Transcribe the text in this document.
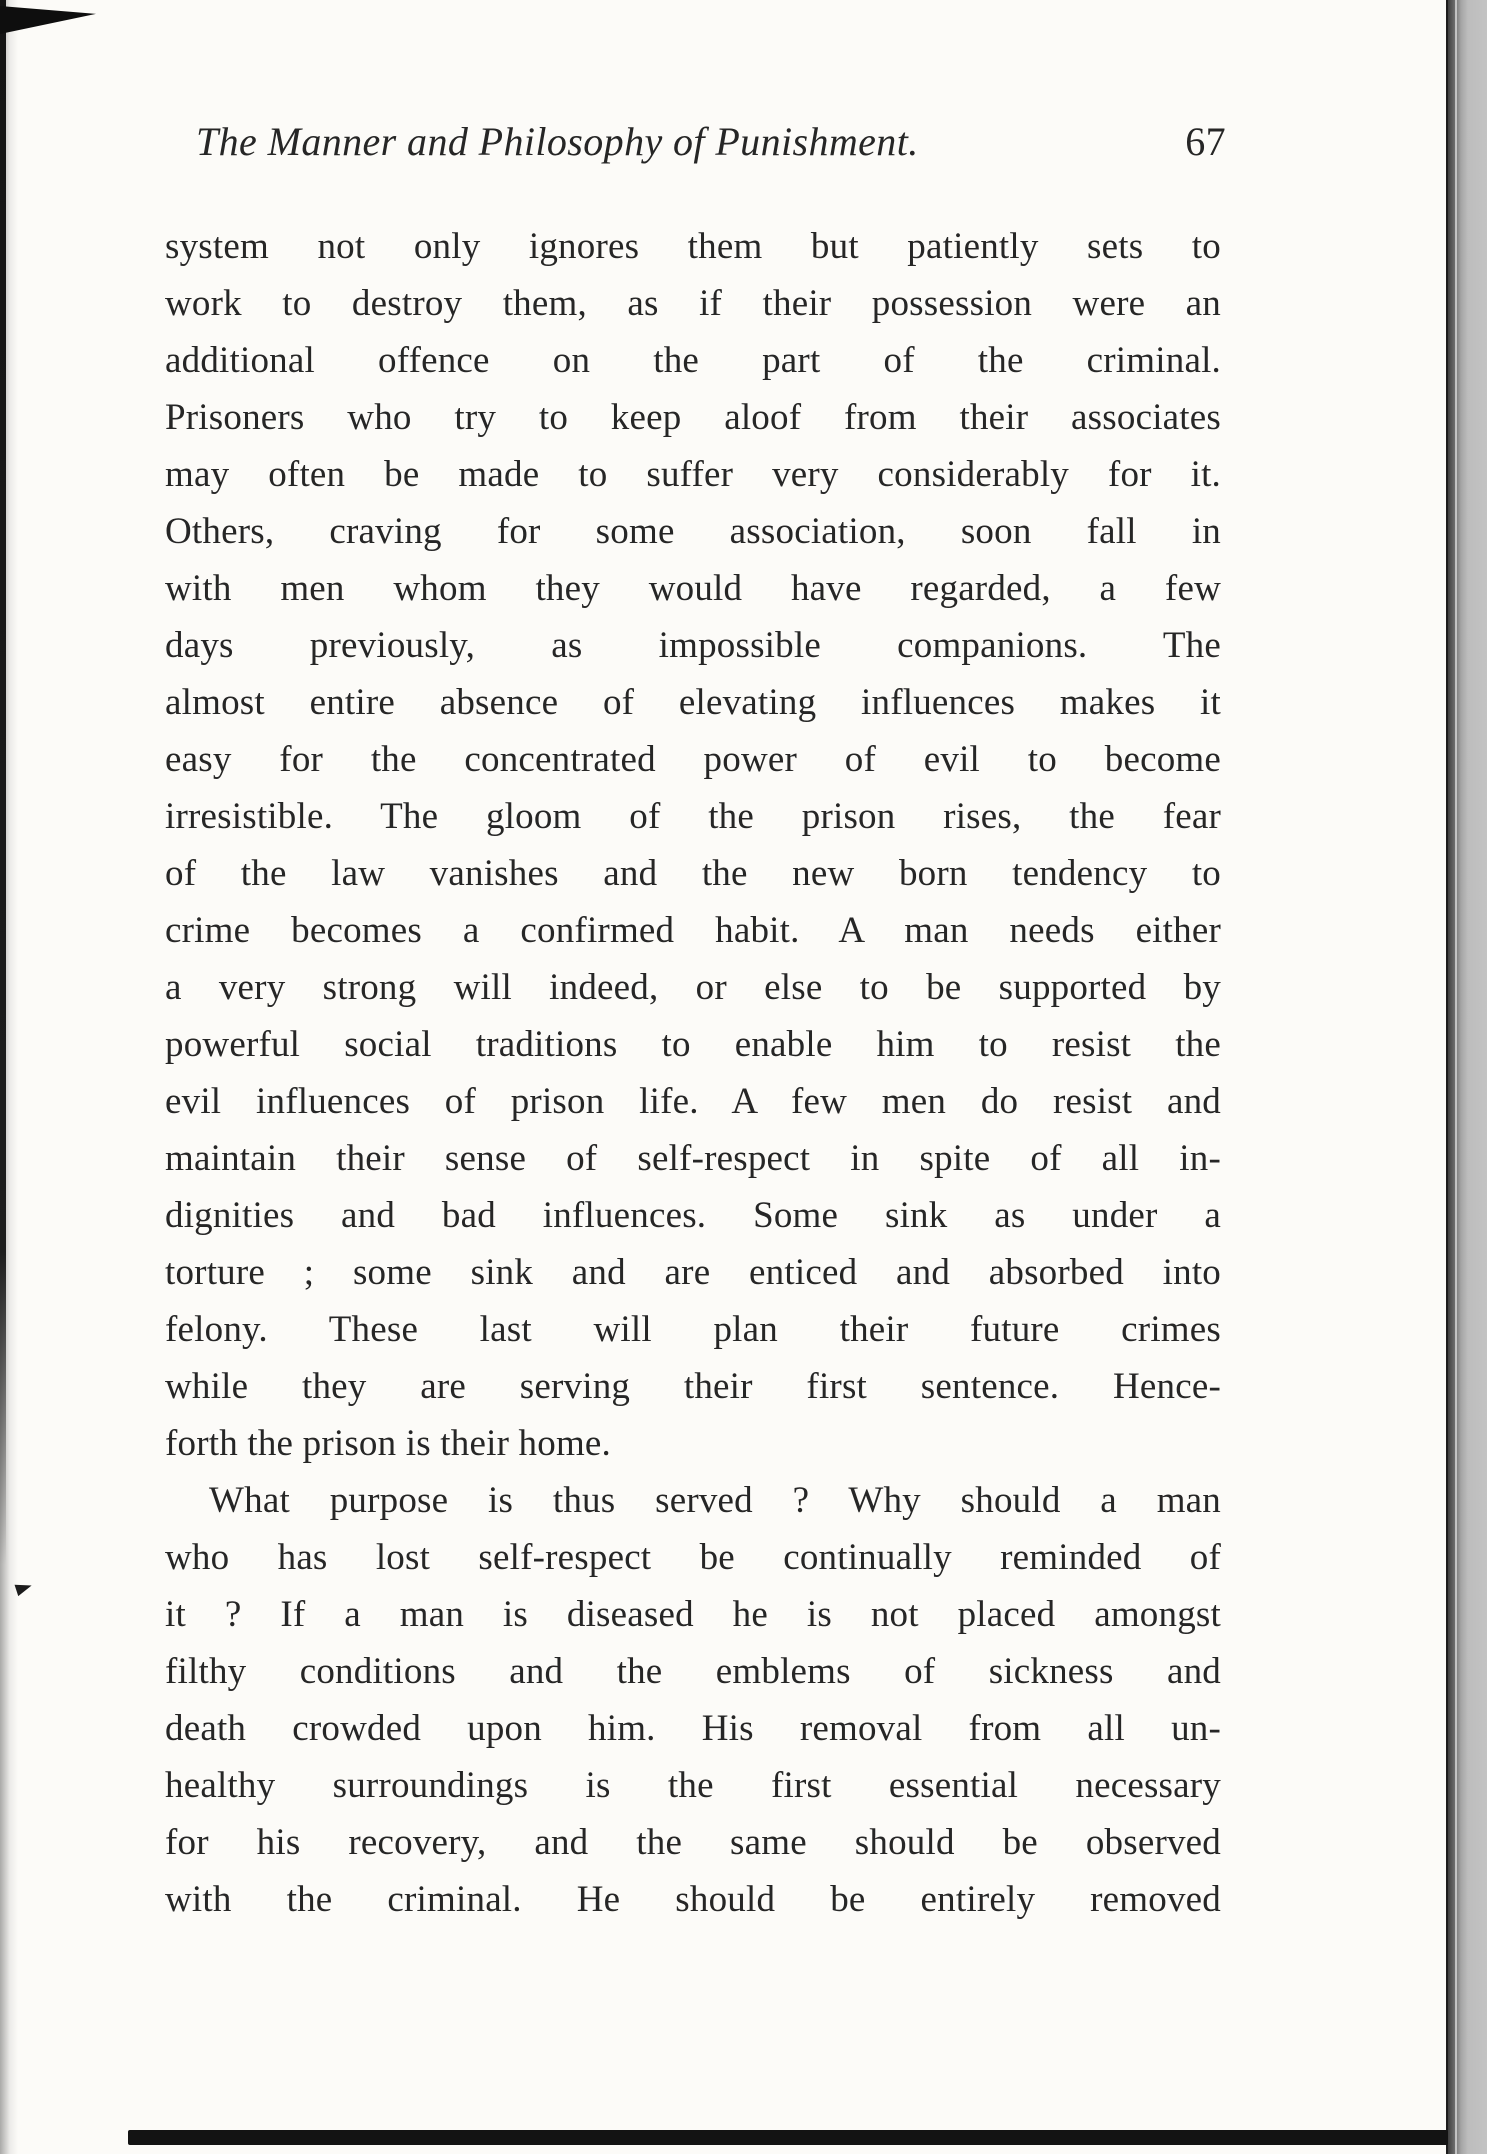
The Manner and Philosophy of Punishment.	67
system not only ignores them but patiently sets to
work to destroy them, as if their possession were an
additional offence on the part of the criminal.
Prisoners who try to keep aloof from their associates
may often be made to suffer very considerably for it.
Others, craving for some association, soon fall in
with men whom they would have regarded, a few
days previously, as impossible companions. The
almost entire absence of elevating influences makes it
easy for the concentrated power of evil to become
irresistible. The gloom of the prison rises, the fear
of the law vanishes and the new born tendency to
crime becomes a confirmed habit. A man needs either
a very strong will indeed, or else to be supported by
powerful social traditions to enable him to resist the
evil influences of prison life. A few men do resist and
maintain their sense of self-respect in spite of all in-
dignities and bad influences. Some sink as under a
torture ; some sink and are enticed and absorbed into
felony. These last will plan their future crimes
while they are serving their first sentence. Hence-
forth the prison is their home.
What purpose is thus served ? Why should a man
who has lost self-respect be continually reminded of
it ? If a man is diseased he is not placed amongst
filthy conditions and the emblems of sickness and
death crowded upon him. His removal from all un-
healthy surroundings is the first essential necessary
for his recovery, and the same should be observed
with the criminal. He should be entirely removed
